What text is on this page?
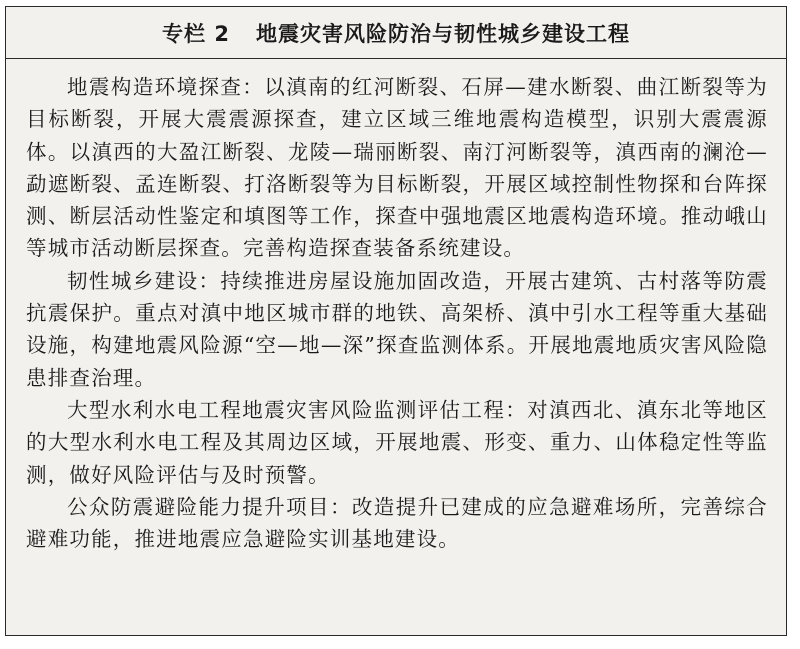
专栏 2 地震灾害风险防治与韧性城乡建设工程

地震构造环境探查：以滇南的红河断裂、石屏—建水断裂、曲江断裂等为目标断裂，开展大震震源探查，建立区域三维地震构造模型，识别大震震源体。以滇西的大盈江断裂、龙陵—瑞丽断裂、南汀河断裂等，滇西南的澜沧—勐遮断裂、孟连断裂、打洛断裂等为目标断裂，开展区域控制性物探和台阵探测、断层活动性鉴定和填图等工作，探查中强地震区地震构造环境。推动峨山等城市活动断层探查。完善构造探查装备系统建设。

韧性城乡建设：持续推进房屋设施加固改造，开展古建筑、古村落等防震抗震保护。重点对滇中地区城市群的地铁、高架桥、滇中引水工程等重大基础设施，构建地震风险源“空—地—深”探查监测体系。开展地震地质灾害风险隐患排查治理。

大型水利水电工程地震灾害风险监测评估工程：对滇西北、滇东北等地区的大型水利水电工程及其周边区域，开展地震、形变、重力、山体稳定性等监测，做好风险评估与及时预警。

公众防震避险能力提升项目：改造提升已建成的应急避难场所，完善综合避难功能，推进地震应急避险实训基地建设。
